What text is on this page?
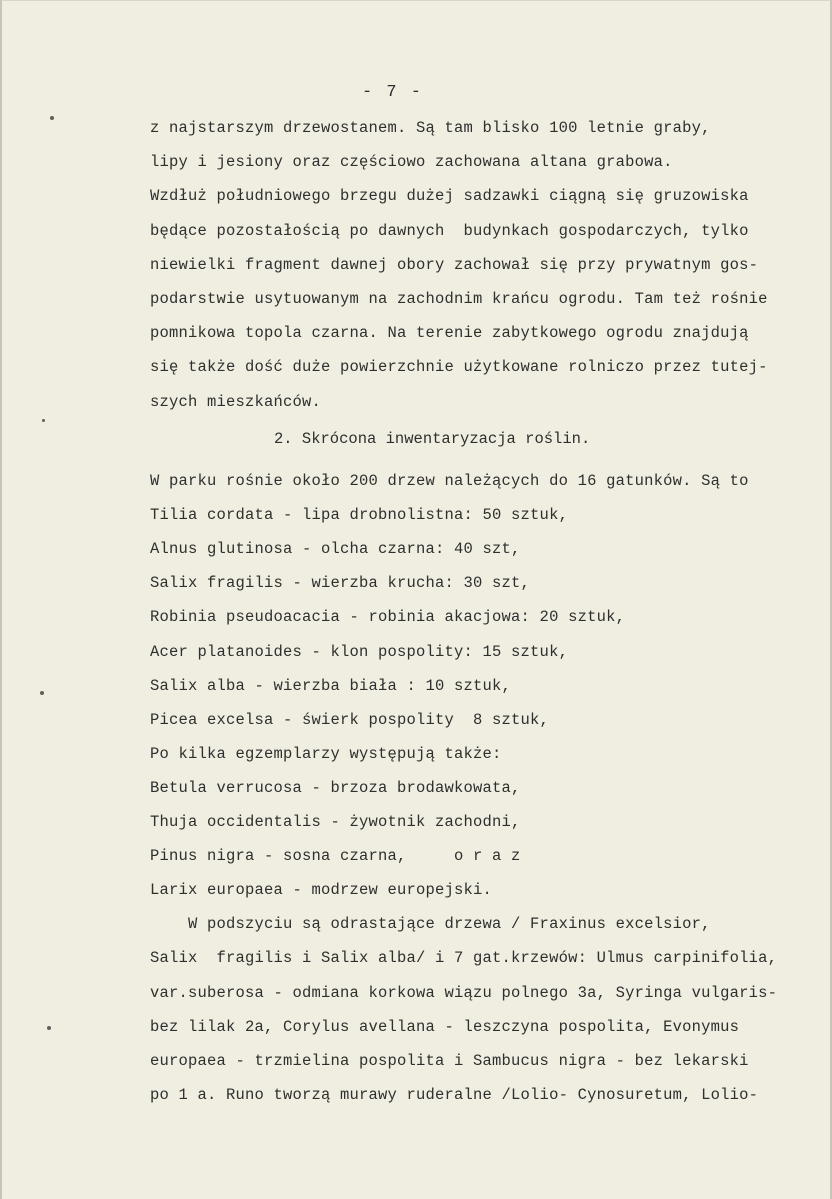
- 7 -
z najstarszym drzewostanem. Są tam blisko 100 letnie graby,
lipy i jesiony oraz częściowo zachowana altana grabowa.
Wzdłuż południowego brzegu dużej sadzawki ciągną się gruzowiska
będące pozostałością po dawnych  budynkach gospodarczych, tylko
niewielki fragment dawnej obory zachował się przy prywatnym gos-
podarstwie usytuowanym na zachodnim krańcu ogrodu. Tam też rośnie
pomnikowa topola czarna. Na terenie zabytkowego ogrodu znajdują
się także dość duże powierzchnie użytkowane rolniczo przez tutej-
szych mieszkańców.
2. Skrócona inwentaryzacja roślin.
W parku rośnie około 200 drzew należących do 16 gatunków. Są to
Tilia cordata - lipa drobnolistna: 50 sztuk,
Alnus glutinosa - olcha czarna: 40 szt,
Salix fragilis - wierzba krucha: 30 szt,
Robinia pseudoacacia - robinia akacjowa: 20 sztuk,
Acer platanoides - klon pospolity: 15 sztuk,
Salix alba - wierzba biała : 10 sztuk,
Picea excelsa - świerk pospolity  8 sztuk,
Po kilka egzemplarzy występują także:
Betula verrucosa - brzoza brodawkowata,
Thuja occidentalis - żywotnik zachodni,
Pinus nigra - sosna czarna,     o r a z
Larix europaea - modrzew europejski.
W podszyciu są odrastające drzewa / Fraxinus excelsior,
Salix  fragilis i Salix alba/ i 7 gat.krzewów: Ulmus carpinifolia,
var.suberosa - odmiana korkowa wiązu polnego 3a, Syringa vulgaris-
bez lilak 2a, Corylus avellana - leszczyna pospolita, Evonymus
europaea - trzmielina pospolita i Sambucus nigra - bez lekarski
po 1 a. Runo tworzą murawy ruderalne /Lolio- Cynosuretum, Lolio-
